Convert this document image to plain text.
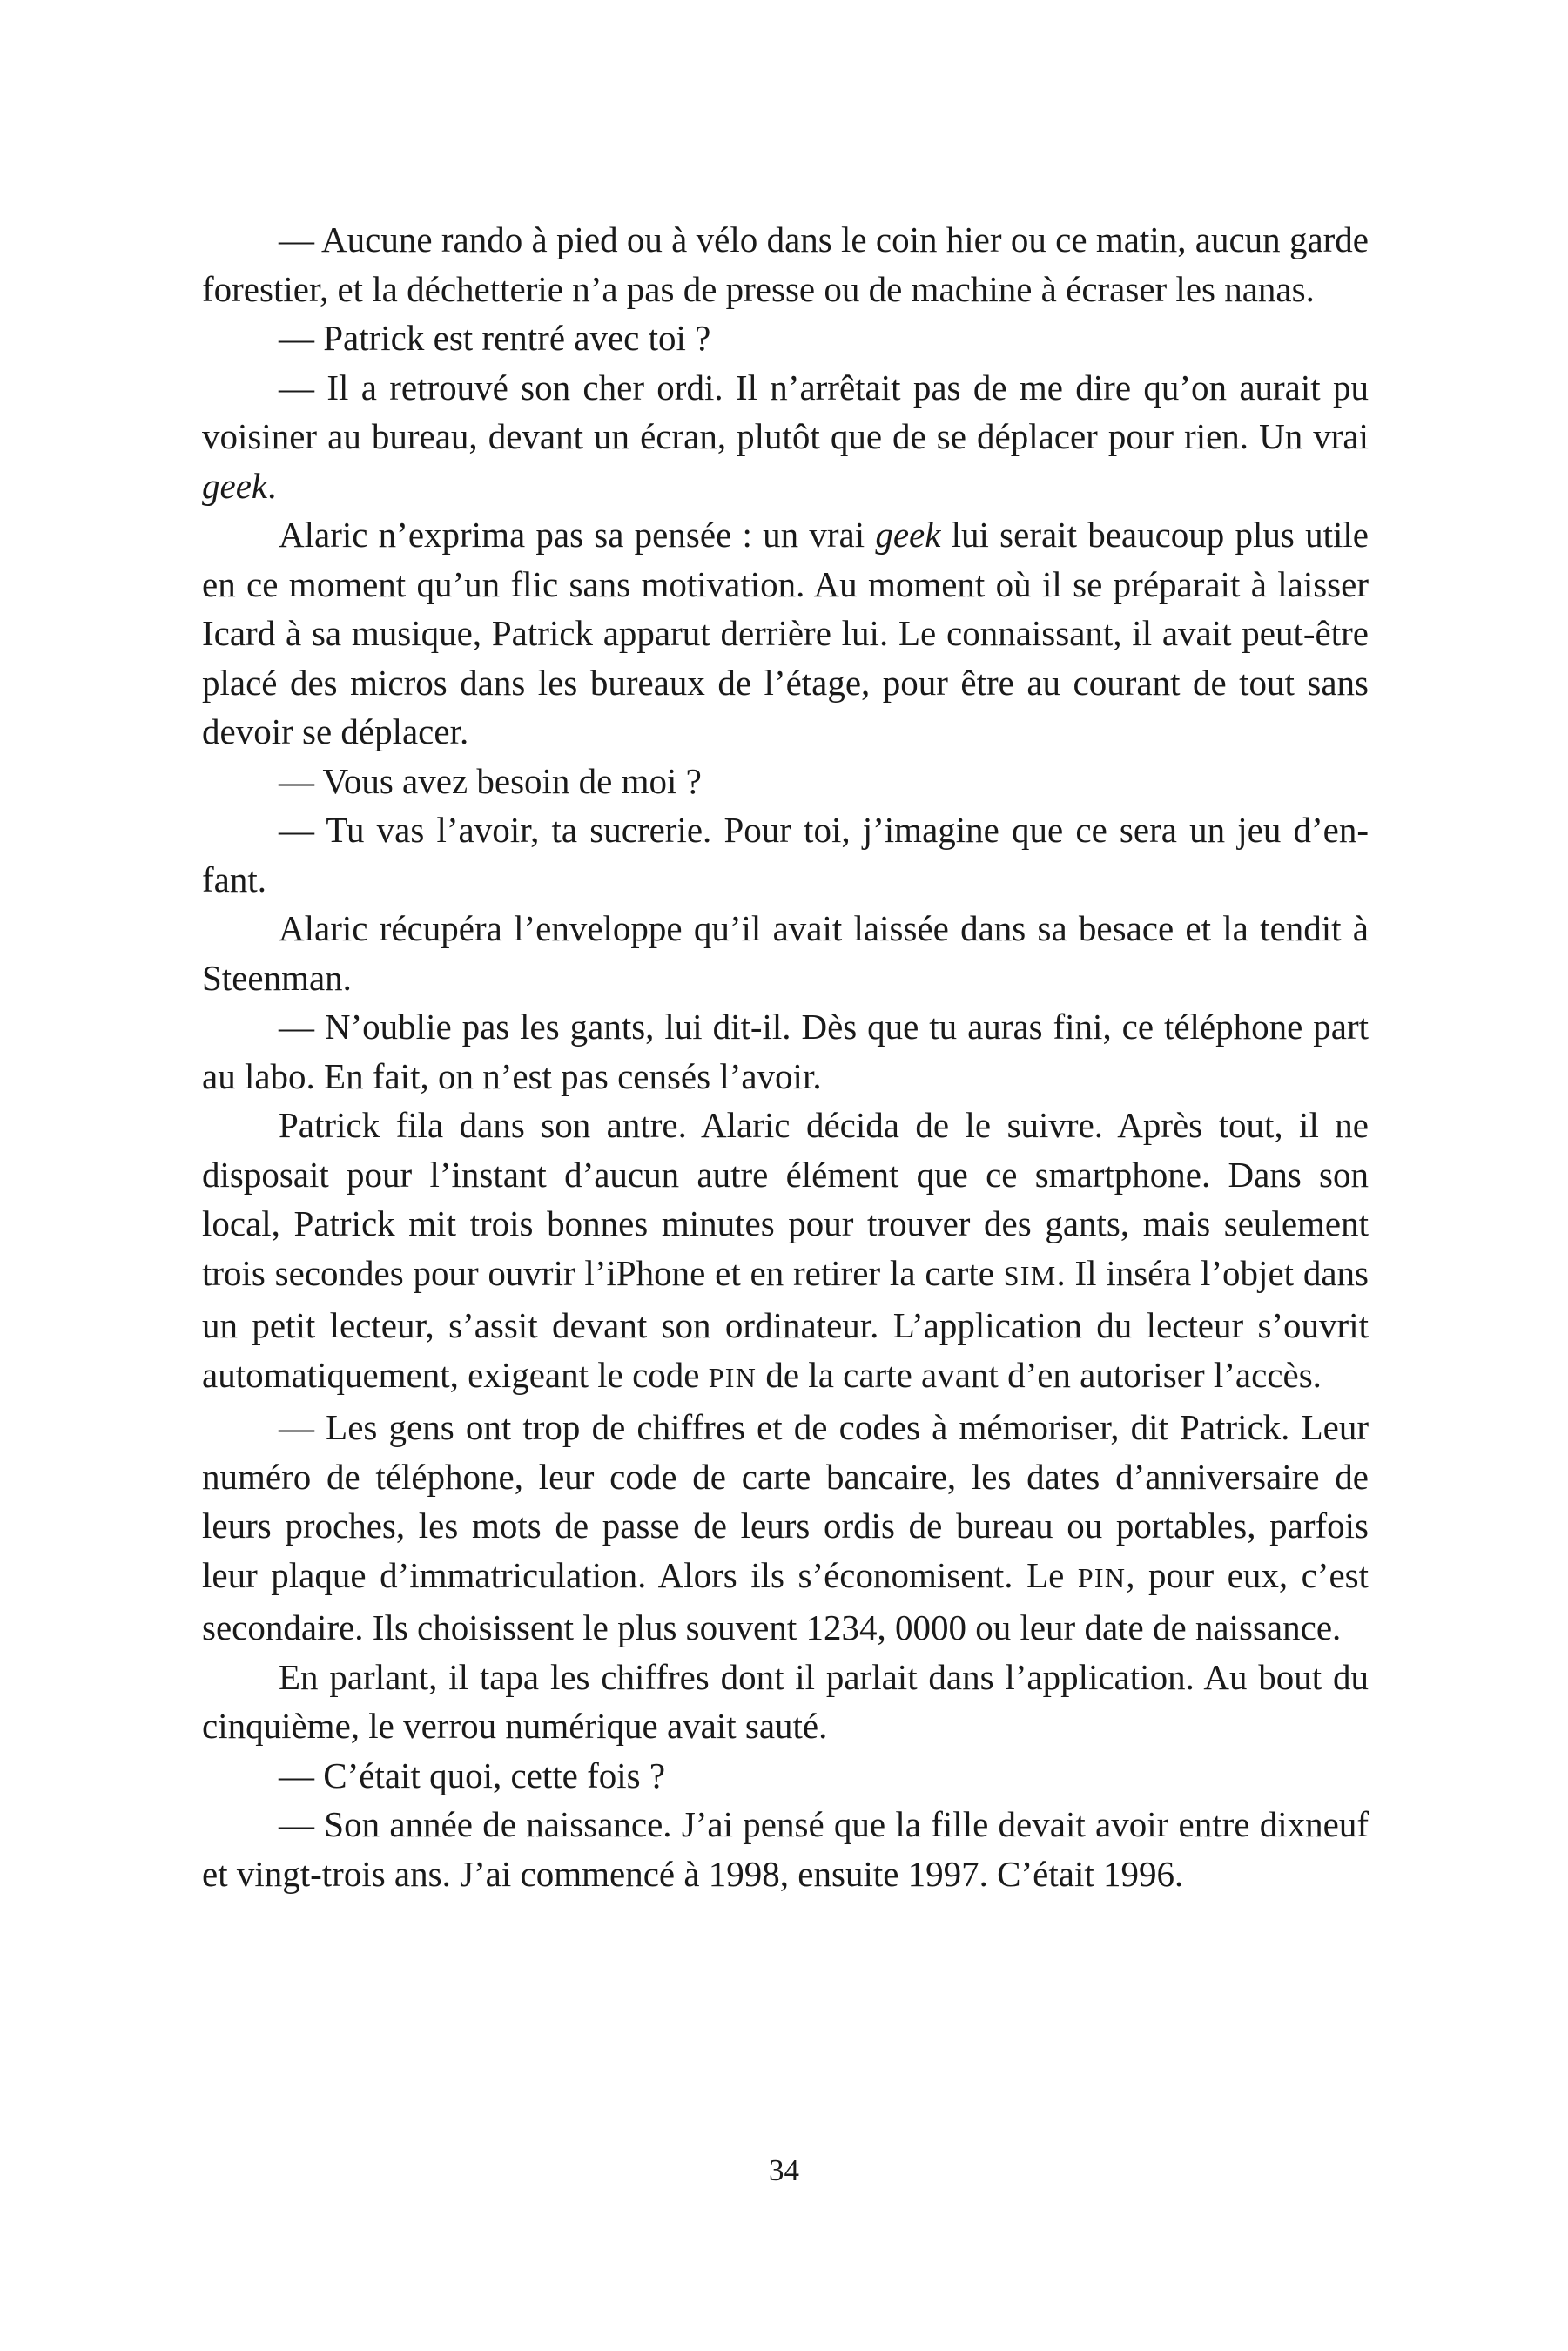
— Aucune rando à pied ou à vélo dans le coin hier ou ce matin, aucun garde forestier, et la déchetterie n’a pas de presse ou de machine à écraser les nanas.

— Patrick est rentré avec toi ?

— Il a retrouvé son cher ordi. Il n’arrêtait pas de me dire qu’on aurait pu voisiner au bureau, devant un écran, plutôt que de se déplacer pour rien. Un vrai geek.

Alaric n’exprima pas sa pensée : un vrai geek lui serait beaucoup plus utile en ce moment qu’un flic sans motivation. Au moment où il se préparait à laisser Icard à sa musique, Patrick apparut derrière lui. Le connaissant, il avait peut-être placé des micros dans les bureaux de l’étage, pour être au courant de tout sans devoir se déplacer.

— Vous avez besoin de moi ?

— Tu vas l’avoir, ta sucrerie. Pour toi, j’imagine que ce sera un jeu d’enfant.

Alaric récupéra l’enveloppe qu’il avait laissée dans sa besace et la tendit à Steenman.

— N’oublie pas les gants, lui dit-il. Dès que tu auras fini, ce téléphone part au labo. En fait, on n’est pas censés l’avoir.

Patrick fila dans son antre. Alaric décida de le suivre. Après tout, il ne disposait pour l’instant d’aucun autre élément que ce smartphone. Dans son local, Patrick mit trois bonnes minutes pour trouver des gants, mais seulement trois secondes pour ouvrir l’iPhone et en retirer la carte SIM. Il inséra l’objet dans un petit lecteur, s’assit devant son ordinateur. L’application du lecteur s’ouvrit automatiquement, exigeant le code PIN de la carte avant d’en autoriser l’accès.

— Les gens ont trop de chiffres et de codes à mémoriser, dit Patrick. Leur numéro de téléphone, leur code de carte bancaire, les dates d’anniversaire de leurs proches, les mots de passe de leurs ordis de bureau ou portables, parfois leur plaque d’immatriculation. Alors ils s’économisent. Le PIN, pour eux, c’est secondaire. Ils choisissent le plus souvent 1234, 0000 ou leur date de naissance.

En parlant, il tapa les chiffres dont il parlait dans l’application. Au bout du cinquième, le verrou numérique avait sauté.

— C’était quoi, cette fois ?

— Son année de naissance. J’ai pensé que la fille devait avoir entre dixneuf et vingt-trois ans. J’ai commencé à 1998, ensuite 1997. C’était 1996.

34
